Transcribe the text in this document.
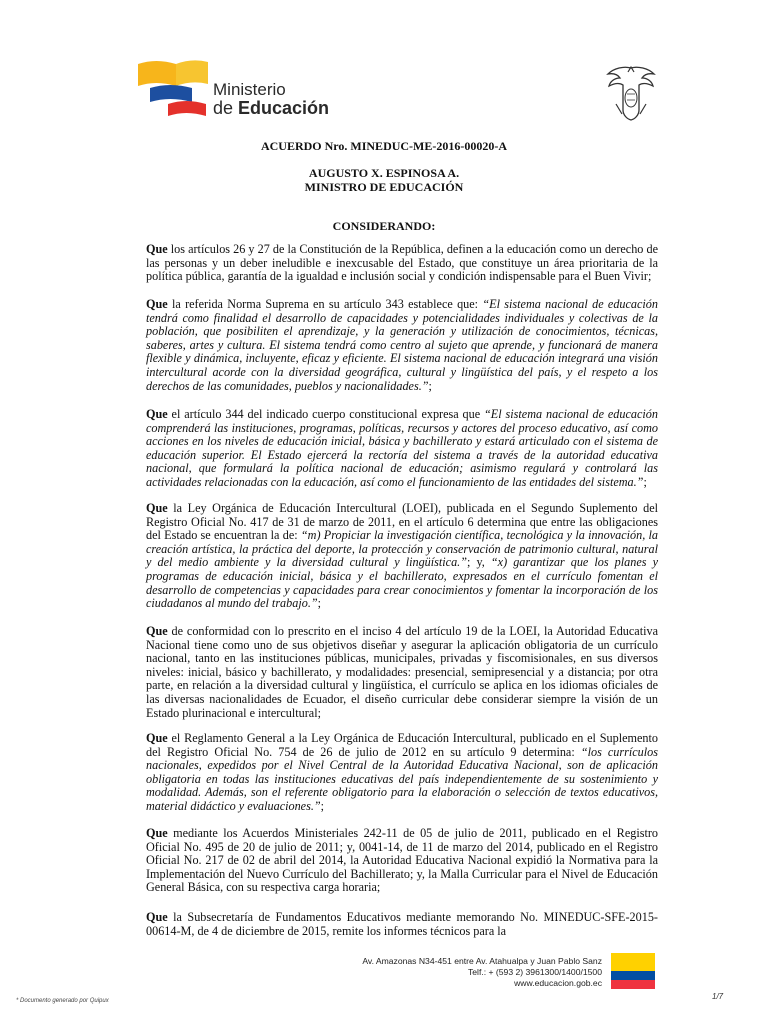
Ministerio
de Educación
ACUERDO Nro. MINEDUC-ME-2016-00020-A
AUGUSTO X. ESPINOSA A.
MINISTRO DE EDUCACIÓN
CONSIDERANDO:

Que los artículos 26 y 27 de la Constitución de la República, definen a la educación como un derecho de las personas y un deber ineludible e inexcusable del Estado, que constituye un área prioritaria de la política pública, garantía de la igualdad e inclusión social y condición indispensable para el Buen Vivir;

Que la referida Norma Suprema en su artículo 343 establece que: “El sistema nacional de educación tendrá como finalidad el desarrollo de capacidades y potencialidades individuales y colectivas de la población, que posibiliten el aprendizaje, y la generación y utilización de conocimientos, técnicas, saberes, artes y cultura. El sistema tendrá como centro al sujeto que aprende, y funcionará de manera flexible y dinámica, incluyente, eficaz y eficiente. El sistema nacional de educación integrará una visión intercultural acorde con la diversidad geográfica, cultural y lingüística del país, y el respeto a los derechos de las comunidades, pueblos y nacionalidades.”;

Que el artículo 344 del indicado cuerpo constitucional expresa que “El sistema nacional de educación comprenderá las instituciones, programas, políticas, recursos y actores del proceso educativo, así como acciones en los niveles de educación inicial, básica y bachillerato y estará articulado con el sistema de educación superior. El Estado ejercerá la rectoría del sistema a través de la autoridad educativa nacional, que formulará la política nacional de educación; asimismo regulará y controlará las actividades relacionadas con la educación, así como el funcionamiento de las entidades del sistema.”;

Que la Ley Orgánica de Educación Intercultural (LOEI), publicada en el Segundo Suplemento del Registro Oficial No. 417 de 31 de marzo de 2011, en el artículo 6 determina que entre las obligaciones del Estado se encuentran la de: “m) Propiciar la investigación científica, tecnológica y la innovación, la creación artística, la práctica del deporte, la protección y conservación de patrimonio cultural, natural y del medio ambiente y la diversidad cultural y lingüística.”; y, “x) garantizar que los planes y programas de educación inicial, básica y el bachillerato, expresados en el currículo fomentan el desarrollo de competencias y capacidades para crear conocimientos y fomentar la incorporación de los ciudadanos al mundo del trabajo.”;

Que de conformidad con lo prescrito en el inciso 4 del artículo 19 de la LOEI, la Autoridad Educativa Nacional tiene como uno de sus objetivos diseñar y asegurar la aplicación obligatoria de un currículo nacional, tanto en las instituciones públicas, municipales, privadas y fiscomisionales, en sus diversos niveles: inicial, básico y bachillerato, y modalidades: presencial, semipresencial y a distancia; por otra parte, en relación a la diversidad cultural y lingüística, el currículo se aplica en los idiomas oficiales de las diversas nacionalidades de Ecuador, el diseño curricular debe considerar siempre la visión de un Estado plurinacional e intercultural;

Que el Reglamento General a la Ley Orgánica de Educación Intercultural, publicado en el Suplemento del Registro Oficial No. 754 de 26 de julio de 2012 en su artículo 9 determina: “los currículos nacionales, expedidos por el Nivel Central de la Autoridad Educativa Nacional, son de aplicación obligatoria en todas las instituciones educativas del país independientemente de su sostenimiento y modalidad. Además, son el referente obligatorio para la elaboración o selección de textos educativos, material didáctico y evaluaciones.”;

Que mediante los Acuerdos Ministeriales 242-11 de 05 de julio de 2011, publicado en el Registro Oficial No. 495 de 20 de julio de 2011; y, 0041-14, de 11 de marzo del 2014, publicado en el Registro Oficial No. 217 de 02 de abril del 2014, la Autoridad Educativa Nacional expidió la Normativa para la Implementación del Nuevo Currículo del Bachillerato; y, la Malla Curricular para el Nivel de Educación General Básica, con su respectiva carga horaria;

Que la Subsecretaría de Fundamentos Educativos mediante memorando No. MINEDUC-SFE-2015-00614-M, de 4 de diciembre de 2015, remite los informes técnicos para la

Av. Amazonas N34-451 entre Av. Atahualpa y Juan Pablo Sanz
Telf.: + (593 2) 3961300/1400/1500
www.educacion.gob.ec
* Documento generado por Quipux	1/7
